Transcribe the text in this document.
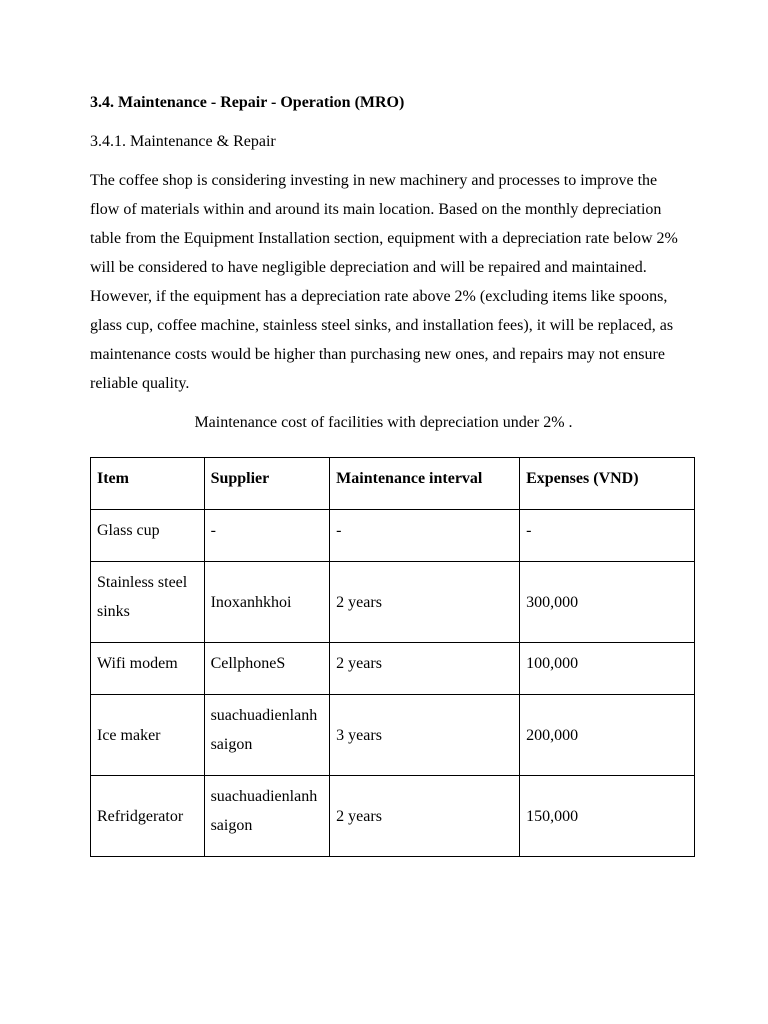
3.4. Maintenance - Repair - Operation (MRO)

3.4.1. Maintenance & Repair

The coffee shop is considering investing in new machinery and processes to improve the flow of materials within and around its main location. Based on the monthly depreciation table from the Equipment Installation section, equipment with a depreciation rate below 2% will be considered to have negligible depreciation and will be repaired and maintained. However, if the equipment has a depreciation rate above 2% (excluding items like spoons, glass cup, coffee machine, stainless steel sinks, and installation fees), it will be replaced, as maintenance costs would be higher than purchasing new ones, and repairs may not ensure reliable quality.

Maintenance cost of facilities with depreciation under 2% .

Item	Supplier	Maintenance interval	Expenses (VND)
Glass cup	-	-	-
Stainless steel sinks	Inoxanhkhoi	2 years	300,000
Wifi modem	CellphoneS	2 years	100,000
Ice maker	suachuadienlanh saigon	3 years	200,000
Refridgerator	suachuadienlanh saigon	2 years	150,000
